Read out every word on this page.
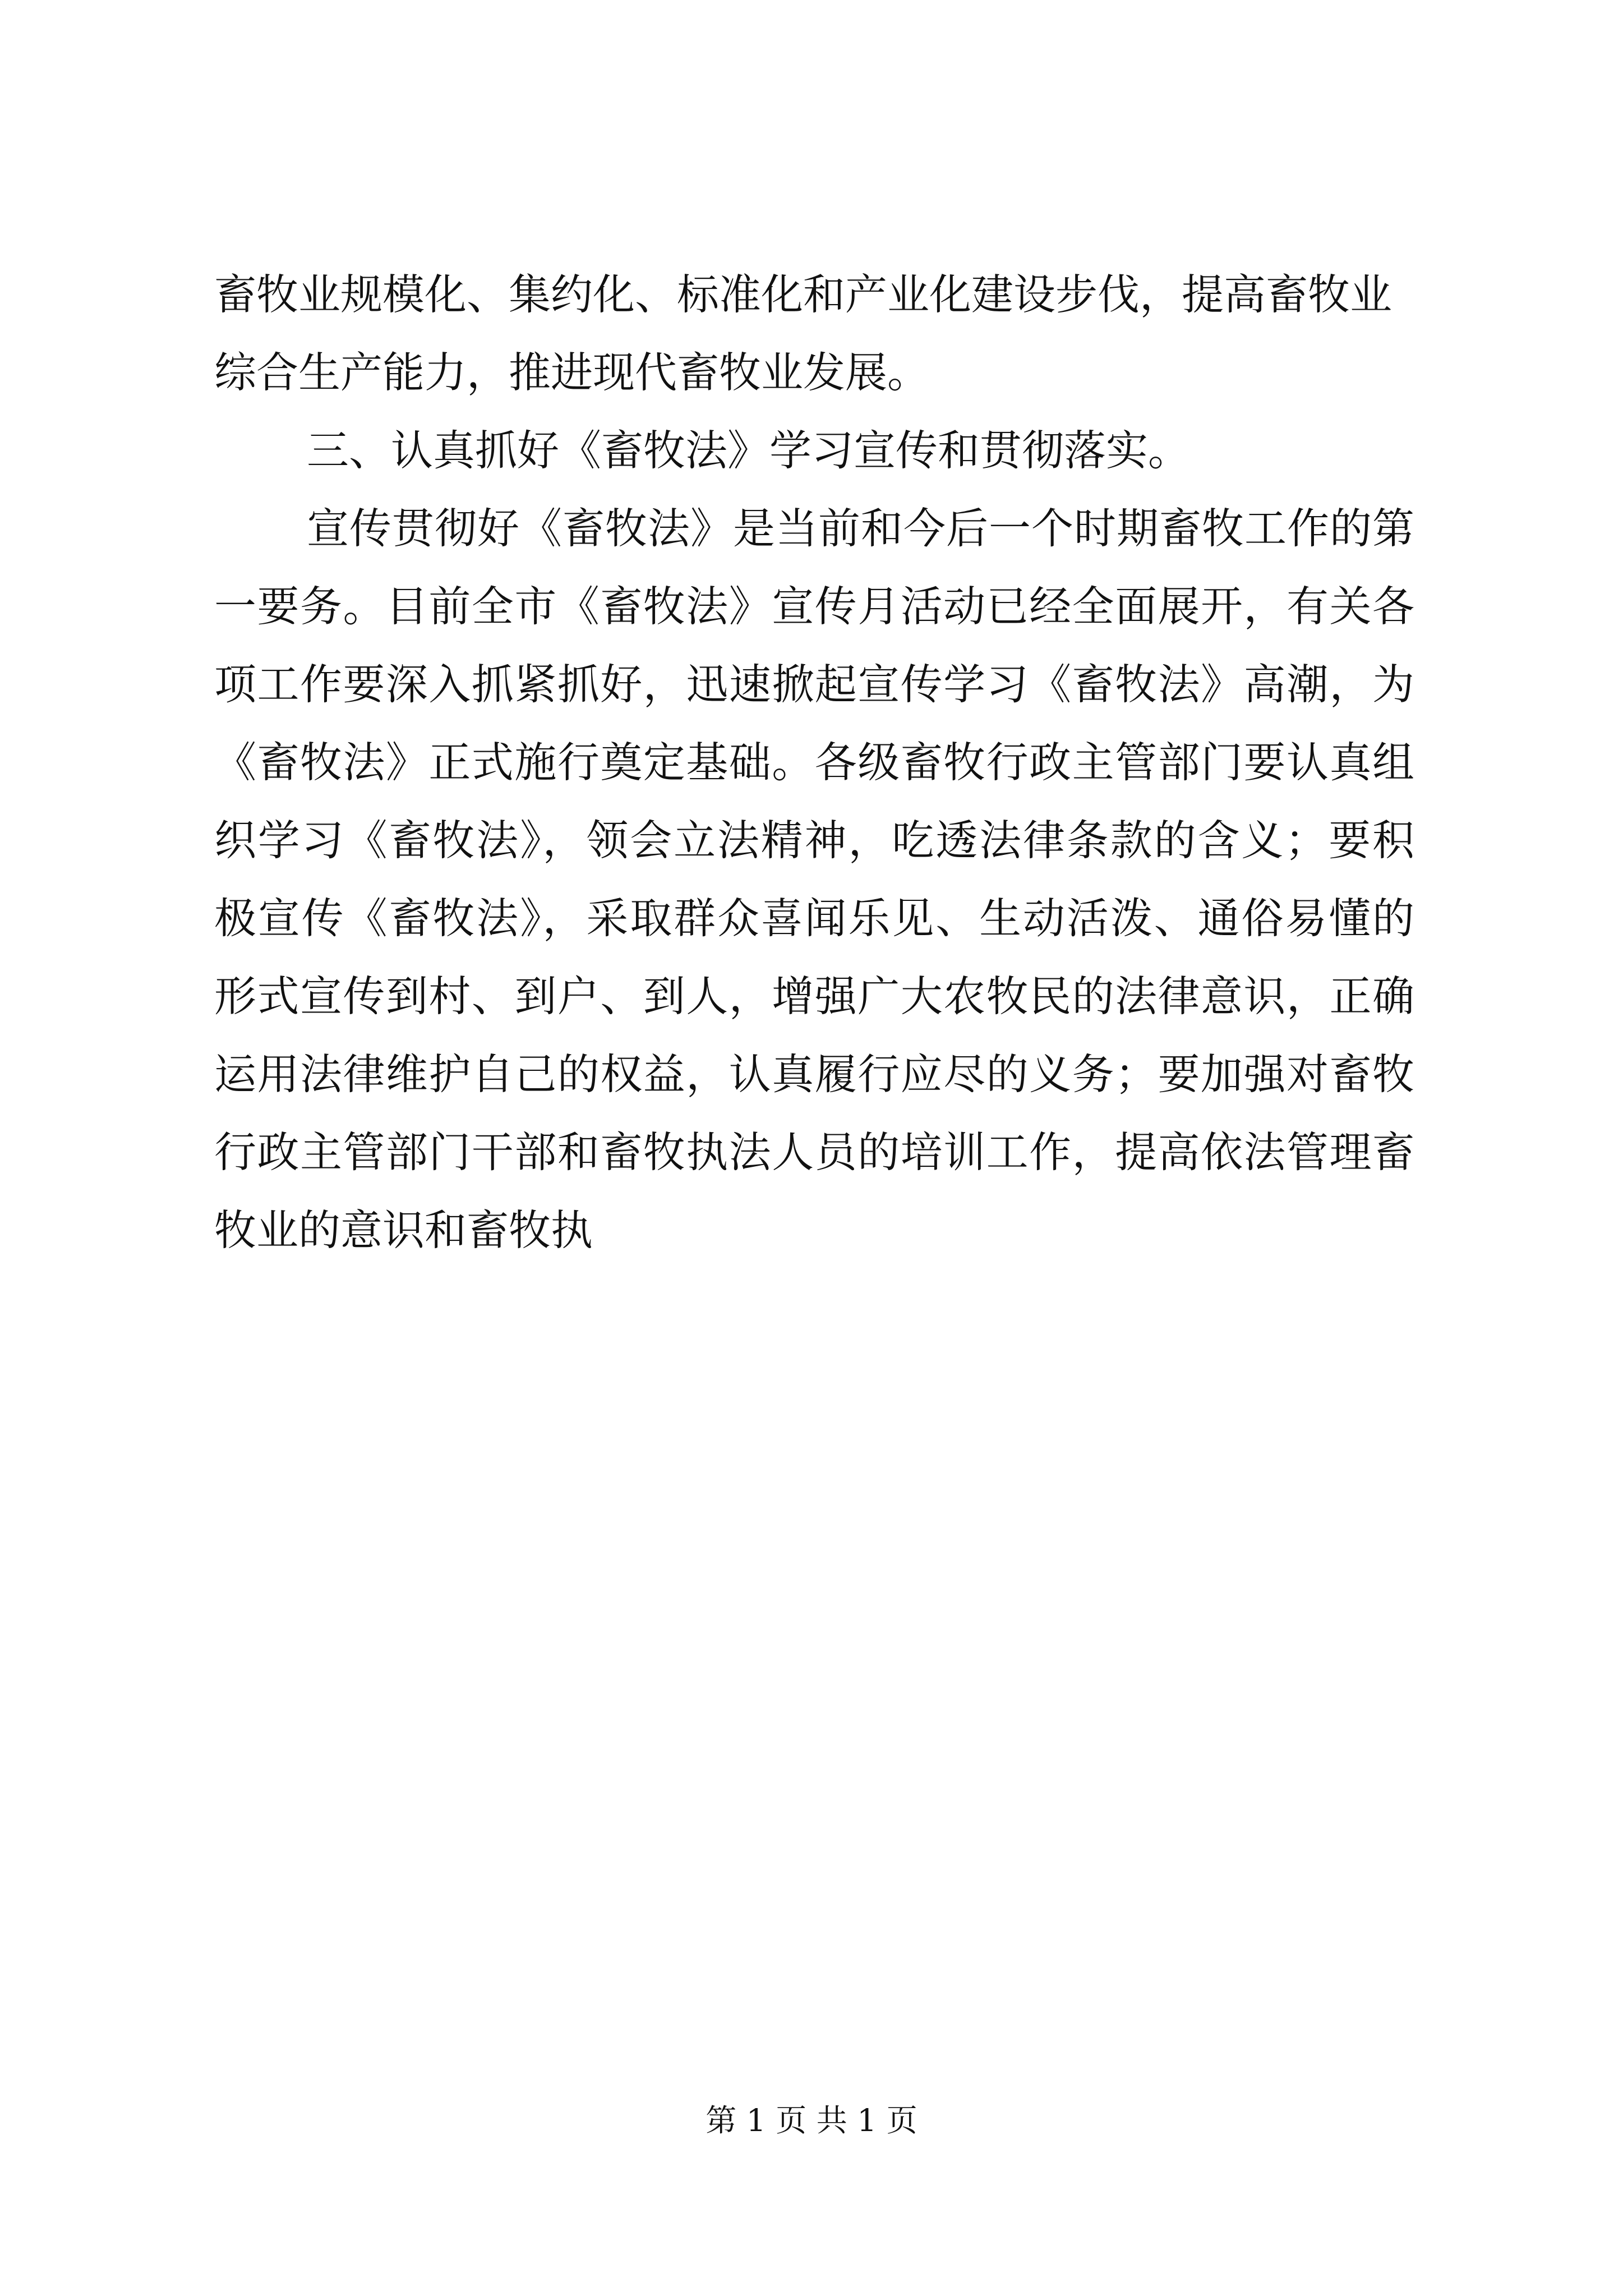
畜牧业规模化、集约化、标准化和产业化建设步伐，提高畜牧业
综合生产能力，推进现代畜牧业发展。
三、认真抓好《畜牧法》学习宣传和贯彻落实。
宣传贯彻好《畜牧法》是当前和今后一个时期畜牧工作的第
一要务。目前全市《畜牧法》宣传月活动已经全面展开，有关各
项工作要深入抓紧抓好，迅速掀起宣传学习《畜牧法》高潮，为
《畜牧法》正式施行奠定基础。各级畜牧行政主管部门要认真组
织学习《畜牧法》，领会立法精神，吃透法律条款的含义；要积
极宣传《畜牧法》，采取群众喜闻乐见、生动活泼、通俗易懂的
形式宣传到村、到户、到人，增强广大农牧民的法律意识，正确
运用法律维护自己的权益，认真履行应尽的义务；要加强对畜牧
行政主管部门干部和畜牧执法人员的培训工作，提高依法管理畜
牧业的意识和畜牧执
第 1 页 共 1 页
